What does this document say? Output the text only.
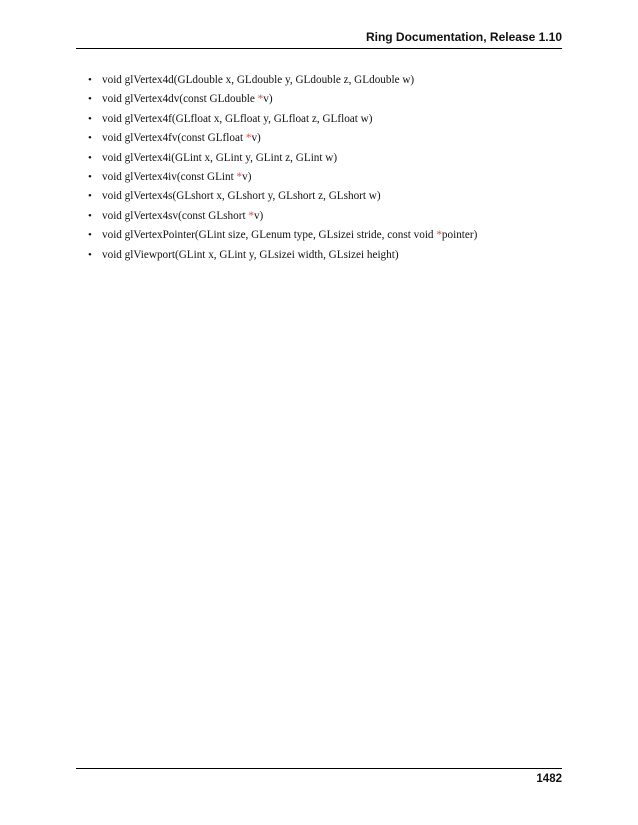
Ring Documentation, Release 1.10
• void glVertex4d(GLdouble x, GLdouble y, GLdouble z, GLdouble w)
• void glVertex4dv(const GLdouble *v)
• void glVertex4f(GLfloat x, GLfloat y, GLfloat z, GLfloat w)
• void glVertex4fv(const GLfloat *v)
• void glVertex4i(GLint x, GLint y, GLint z, GLint w)
• void glVertex4iv(const GLint *v)
• void glVertex4s(GLshort x, GLshort y, GLshort z, GLshort w)
• void glVertex4sv(const GLshort *v)
• void glVertexPointer(GLint size, GLenum type, GLsizei stride, const void *pointer)
• void glViewport(GLint x, GLint y, GLsizei width, GLsizei height)
1482
